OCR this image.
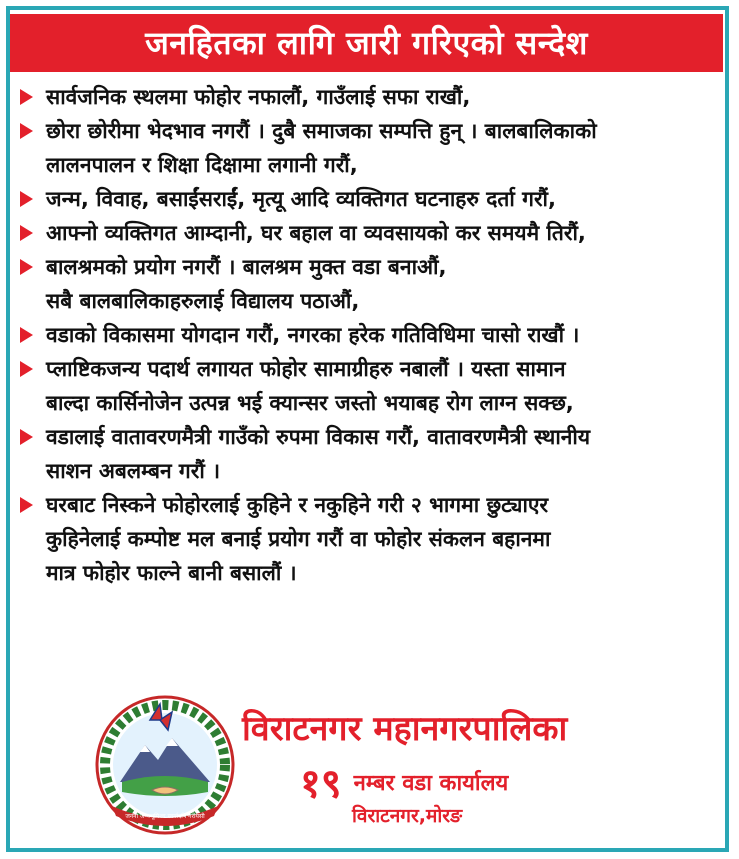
जनहितका लागि जारी गरिएको सन्देश
सार्वजनिक स्थलमा फोहोर नफालौं, गाउँलाई सफा राखौं,
छोरा छोरीमा भेदभाव नगरौं । दुबै समाजका सम्पत्ति हुन् । बालबालिकाको
लालनपालन र शिक्षा दिक्षामा लगानी गरौं,
जन्म, विवाह, बसाईंसराईं, मृत्यू आदि व्यक्तिगत घटनाहरु दर्ता गरौं,
आफ्नो व्यक्तिगत आम्दानी, घर बहाल वा व्यवसायको कर समयमै तिरौं,
बालश्रमको प्रयोग नगरौं । बालश्रम मुक्त वडा बनाऔं,
सबै बालबालिकाहरुलाई विद्यालय पठाऔं,
वडाको विकासमा योगदान गरौं, नगरका हरेक गतिविधिमा चासो राखौं ।
प्लाष्टिकजन्य पदार्थ लगायत फोहोर सामाग्रीहरु नबालौं । यस्ता सामान
बाल्दा कार्सिनोजेन उत्पन्न भई क्यान्सर जस्तो भयाबह रोग लाग्न सक्छ,
वडालाई वातावरणमैत्री गाउँको रुपमा विकास गरौं, वातावरणमैत्री स्थानीय
साशन अबलम्बन गरौं ।
घरबाट निस्कने फोहोरलाई कुहिने र नकुहिने गरी २ भागमा छुट्याएर
कुहिनेलाई कम्पोष्ट मल बनाई प्रयोग गरौं वा फोहोर संकलन बहानमा
मात्र फोहोर फाल्ने बानी बसालौं ।
जननी जन्मभूमिश्च स्वर्गादपि गरीयसी
विराटनगर महानगरपालिका
१९ नम्बर वडा कार्यालय
विराटनगर,मोरङ
